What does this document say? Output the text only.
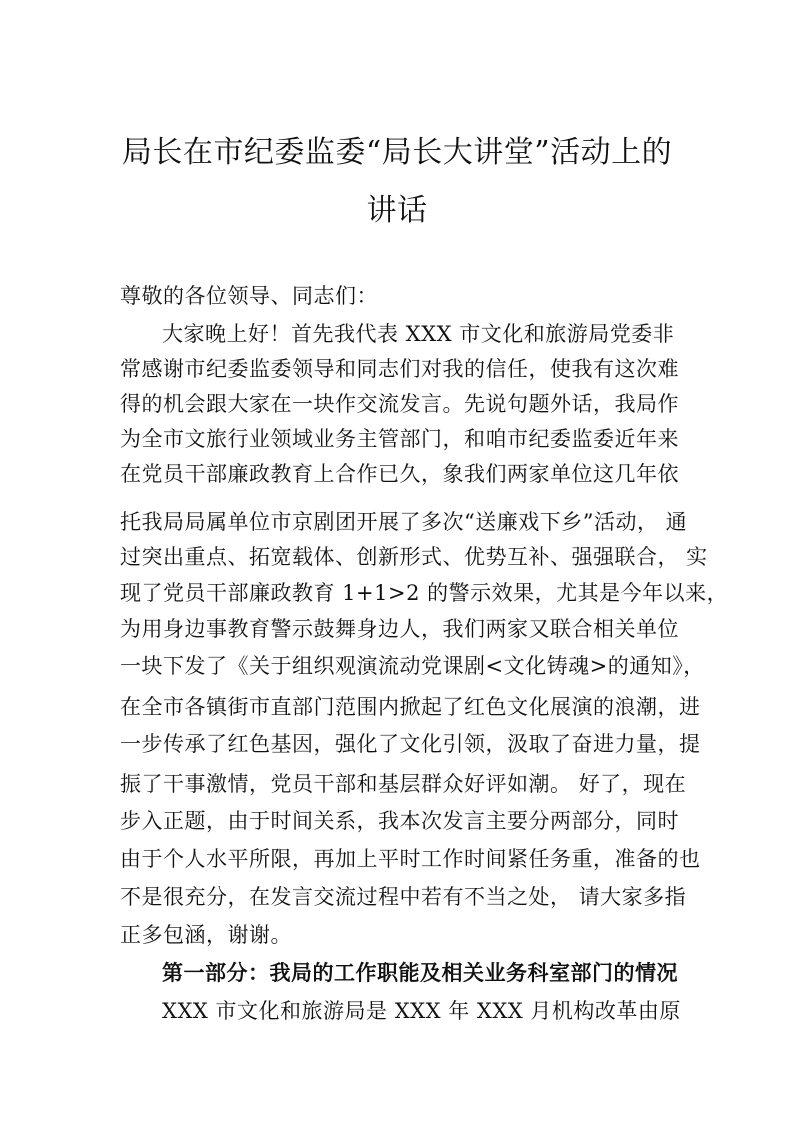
局长在市纪委监委“局长大讲堂”活动上的
讲话
尊敬的各位领导、同志们：
大家晚上好！首先我代表 XXX 市文化和旅游局党委非
常感谢市纪委监委领导和同志们对我的信任，使我有这次难
得的机会跟大家在一块作交流发言。先说句题外话，我局作
为全市文旅行业领域业务主管部门，和咱市纪委监委近年来
在党员干部廉政教育上合作已久，象我们两家单位这几年依
托我局局属单位市京剧团开展了多次“送廉戏下乡”活动， 通
过突出重点、拓宽载体、创新形式、优势互补、强强联合， 实
现了党员干部廉政教育 1+1>2 的警示效果，尤其是今年以来，
为用身边事教育警示鼓舞身边人，我们两家又联合相关单位
一块下发了《关于组织观演流动党课剧<文化铸魂>的通知》，
在全市各镇街市直部门范围内掀起了红色文化展演的浪潮，进
一步传承了红色基因，强化了文化引领，汲取了奋进力量，提
振了干事激情，党员干部和基层群众好评如潮。 好了，现在
步入正题，由于时间关系，我本次发言主要分两部分，同时
由于个人水平所限，再加上平时工作时间紧任务重，准备的也
不是很充分，在发言交流过程中若有不当之处， 请大家多指
正多包涵，谢谢。
第一部分：我局的工作职能及相关业务科室部门的情况
XXX 市文化和旅游局是 XXX 年 XXX 月机构改革由原
